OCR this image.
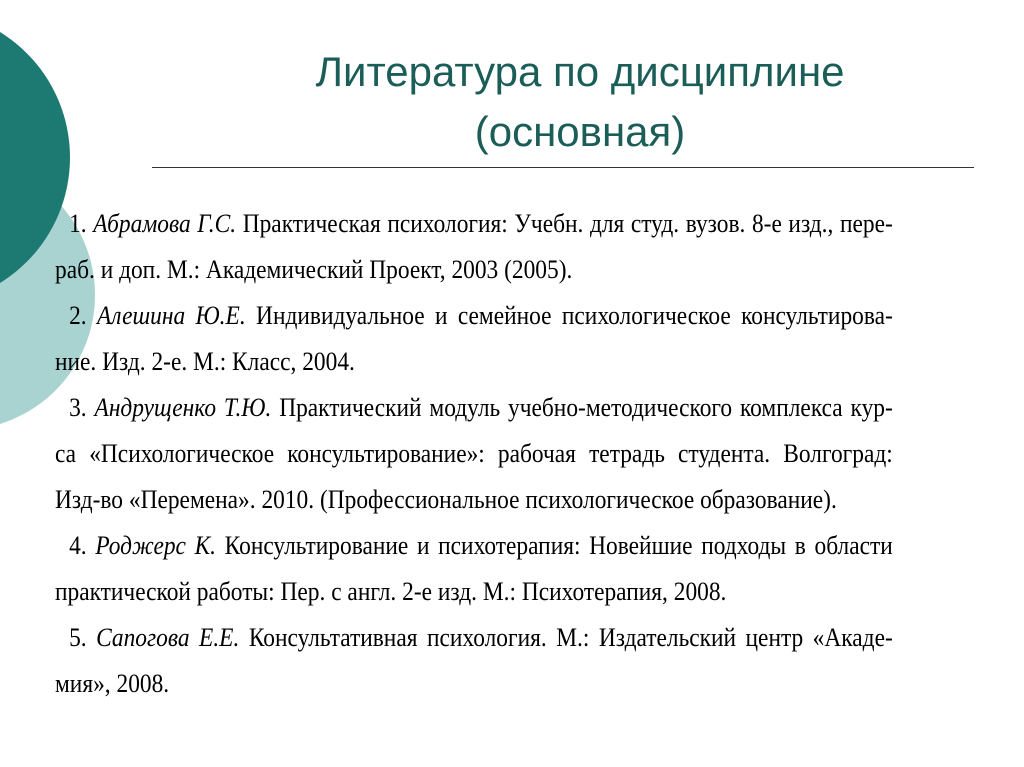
Литература по дисциплине
(основная)
1. Абрамова Г.С. Практическая психология: Учебн. для студ. вузов. 8-е изд., пере-раб. и доп. М.: Академический Проект, 2003 (2005).
2. Алешина Ю.Е. Индивидуальное и семейное психологическое консультирова-ние. Изд. 2-е. М.: Класс, 2004.
3. Андрущенко Т.Ю. Практический модуль учебно-методического комплекса кур-са «Психологическое консультирование»: рабочая тетрадь студента. Волгоград: Изд-во «Перемена». 2010. (Профессиональное психологическое образование).
4. Роджерс К. Консультирование и психотерапия: Новейшие подходы в области практической работы: Пер. с англ. 2-е изд. М.: Психотерапия, 2008.
5. Сапогова Е.Е. Консультативная психология. М.: Издательский центр «Акаде-мия», 2008.
